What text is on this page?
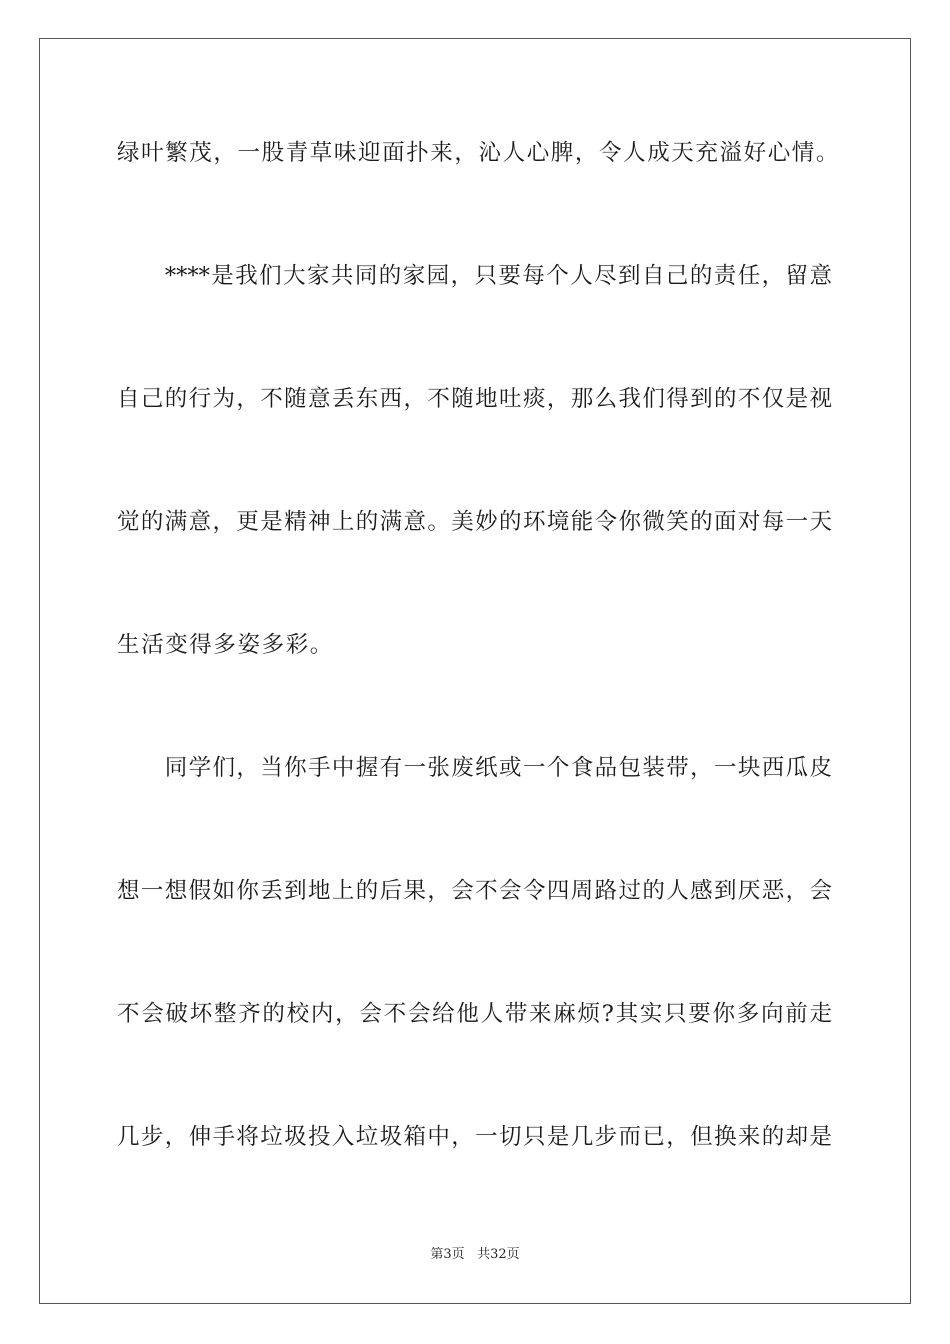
绿叶繁茂，一股青草味迎面扑来，沁人心脾，令人成天充溢好心情。
　　****是我们大家共同的家园，只要每个人尽到自己的责任，留意
自己的行为，不随意丢东西，不随地吐痰，那么我们得到的不仅是视
觉的满意，更是精神上的满意。美妙的环境能令你微笑的面对每一天
生活变得多姿多彩。
　　同学们，当你手中握有一张废纸或一个食品包装带，一块西瓜皮
想一想假如你丢到地上的后果，会不会令四周路过的人感到厌恶，会
不会破坏整齐的校内，会不会给他人带来麻烦?其实只要你多向前走
几步，伸手将垃圾投入垃圾箱中，一切只是几步而已，但换来的却是
第3页 共32页
